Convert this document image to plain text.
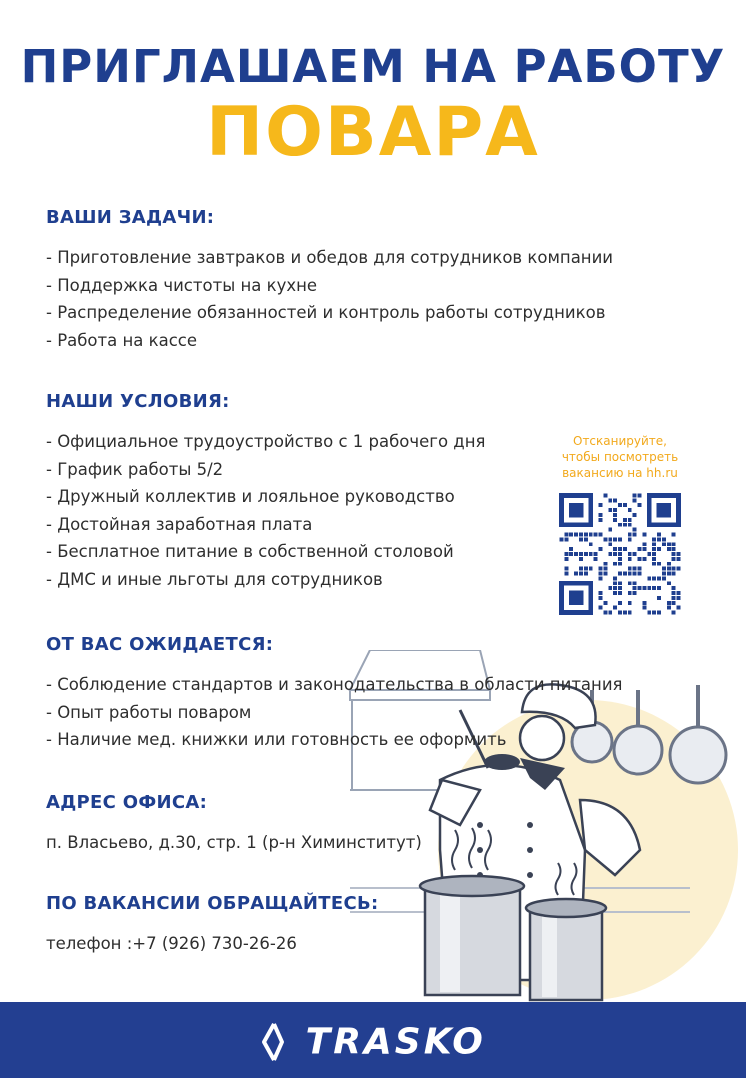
ПРИГЛАШАЕМ НА РАБОТУ
ПОВАРА
ВАШИ ЗАДАЧИ:
- Приготовление завтраков и обедов для сотрудников компании
- Поддержка чистоты на кухне
- Распределение обязанностей и контроль работы сотрудников
- Работа на кассе
НАШИ УСЛОВИЯ:
- Официальное трудоустройство с 1 рабочего дня
- График работы 5/2
- Дружный коллектив и лояльное руководство
- Достойная заработная плата
- Бесплатное питание в собственной столовой
- ДМС и иные льготы для сотрудников
Отсканируйте,
чтобы посмотреть
вакансию на hh.ru
ОТ ВАС ОЖИДАЕТСЯ:
- Соблюдение стандартов и законодательства в области питания
- Опыт работы поваром
- Наличие мед. книжки или готовность ее оформить
АДРЕС ОФИСА:
п. Власьево, д.30, стр. 1 (р-н Химинститут)
ПО ВАКАНСИИ ОБРАЩАЙТЕСЬ:
телефон :+7 (926) 730-26-26
TRASKO
